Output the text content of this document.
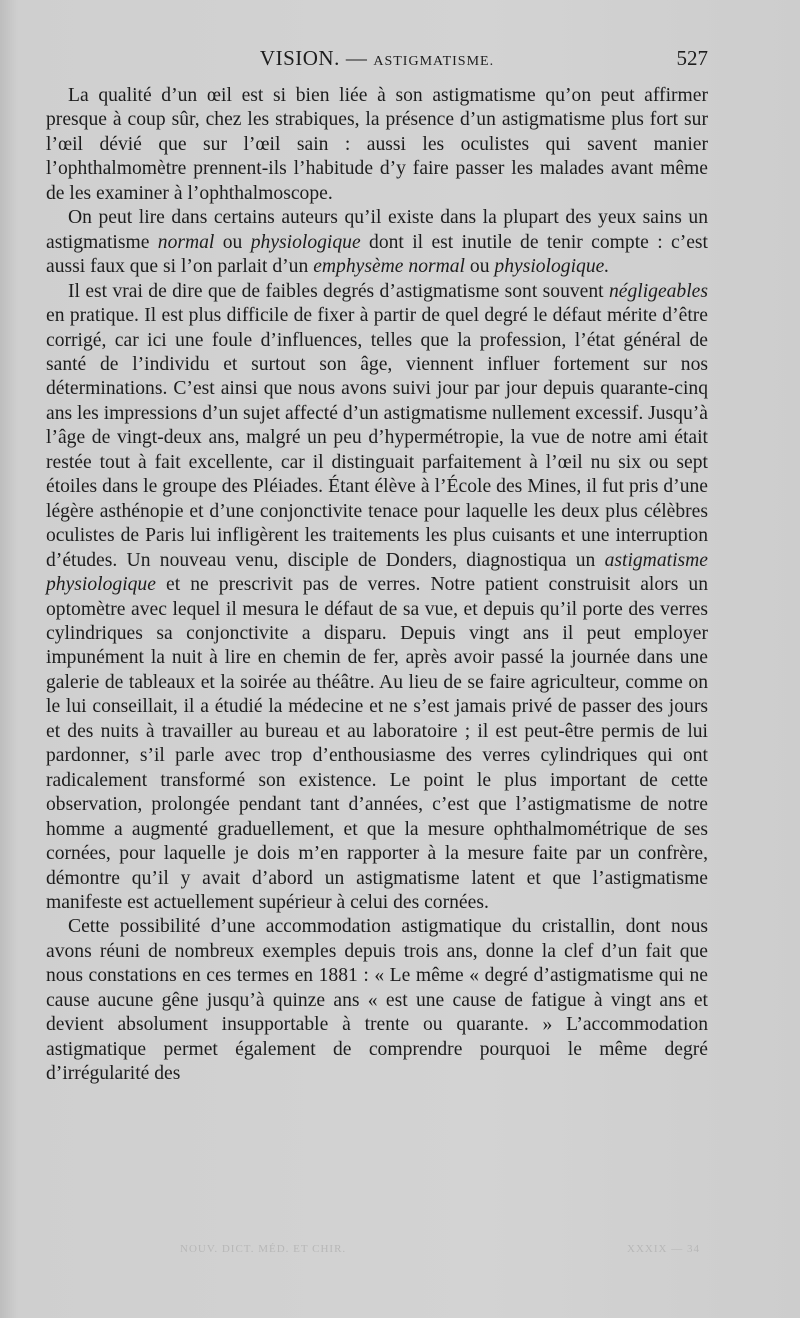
VISION. — ASTIGMATISME.	527

La qualité d’un œil est si bien liée à son astigmatisme qu’on peut affirmer presque à coup sûr, chez les strabiques, la présence d’un astigmatisme plus fort sur l’œil dévié que sur l’œil sain : aussi les oculistes qui savent manier l’ophthalmomètre prennent-ils l’habitude d’y faire passer les malades avant même de les examiner à l’ophthalmoscope.

On peut lire dans certains auteurs qu’il existe dans la plupart des yeux sains un astigmatisme normal ou physiologique dont il est inutile de tenir compte : c’est aussi faux que si l’on parlait d’un emphysème normal ou physiologique.

Il est vrai de dire que de faibles degrés d’astigmatisme sont souvent négligeables en pratique. Il est plus difficile de fixer à partir de quel degré le défaut mérite d’être corrigé, car ici une foule d’influences, telles que la profession, l’état général de santé de l’individu et surtout son âge, viennent influer fortement sur nos déterminations. C’est ainsi que nous avons suivi jour par jour depuis quarante-cinq ans les impressions d’un sujet affecté d’un astigmatisme nullement excessif. Jusqu’à l’âge de vingt-deux ans, malgré un peu d’hypermétropie, la vue de notre ami était restée tout à fait excellente, car il distinguait parfaitement à l’œil nu six ou sept étoiles dans le groupe des Pléiades. Étant élève à l’École des Mines, il fut pris d’une légère asthénopie et d’une conjonctivite tenace pour laquelle les deux plus célèbres oculistes de Paris lui infligèrent les traitements les plus cuisants et une interruption d’études. Un nouveau venu, disciple de Donders, diagnostiqua un astigmatisme physiologique et ne prescrivit pas de verres. Notre patient construisit alors un optomètre avec lequel il mesura le défaut de sa vue, et depuis qu’il porte des verres cylindriques sa conjonctivite a disparu. Depuis vingt ans il peut employer impunément la nuit à lire en chemin de fer, après avoir passé la journée dans une galerie de tableaux et la soirée au théâtre. Au lieu de se faire agriculteur, comme on le lui conseillait, il a étudié la médecine et ne s’est jamais privé de passer des jours et des nuits à travailler au bureau et au laboratoire ; il est peut-être permis de lui pardonner, s’il parle avec trop d’enthousiasme des verres cylindriques qui ont radicalement transformé son existence. Le point le plus important de cette observation, prolongée pendant tant d’années, c’est que l’astigmatisme de notre homme a augmenté graduellement, et que la mesure ophthalmométrique de ses cornées, pour laquelle je dois m’en rapporter à la mesure faite par un confrère, démontre qu’il y avait d’abord un astigmatisme latent et que l’astigmatisme manifeste est actuellement supérieur à celui des cornées.

Cette possibilité d’une accommodation astigmatique du cristallin, dont nous avons réuni de nombreux exemples depuis trois ans, donne la clef d’un fait que nous constations en ces termes en 1881 : « Le même « degré d’astigmatisme qui ne cause aucune gêne jusqu’à quinze ans « est une cause de fatigue à vingt ans et devient absolument insupportable à trente ou quarante. » L’accommodation astigmatique permet également de comprendre pourquoi le même degré d’irrégularité des

NOUV. DICT. MÉD. ET CHIR.	XXXIX — 34
